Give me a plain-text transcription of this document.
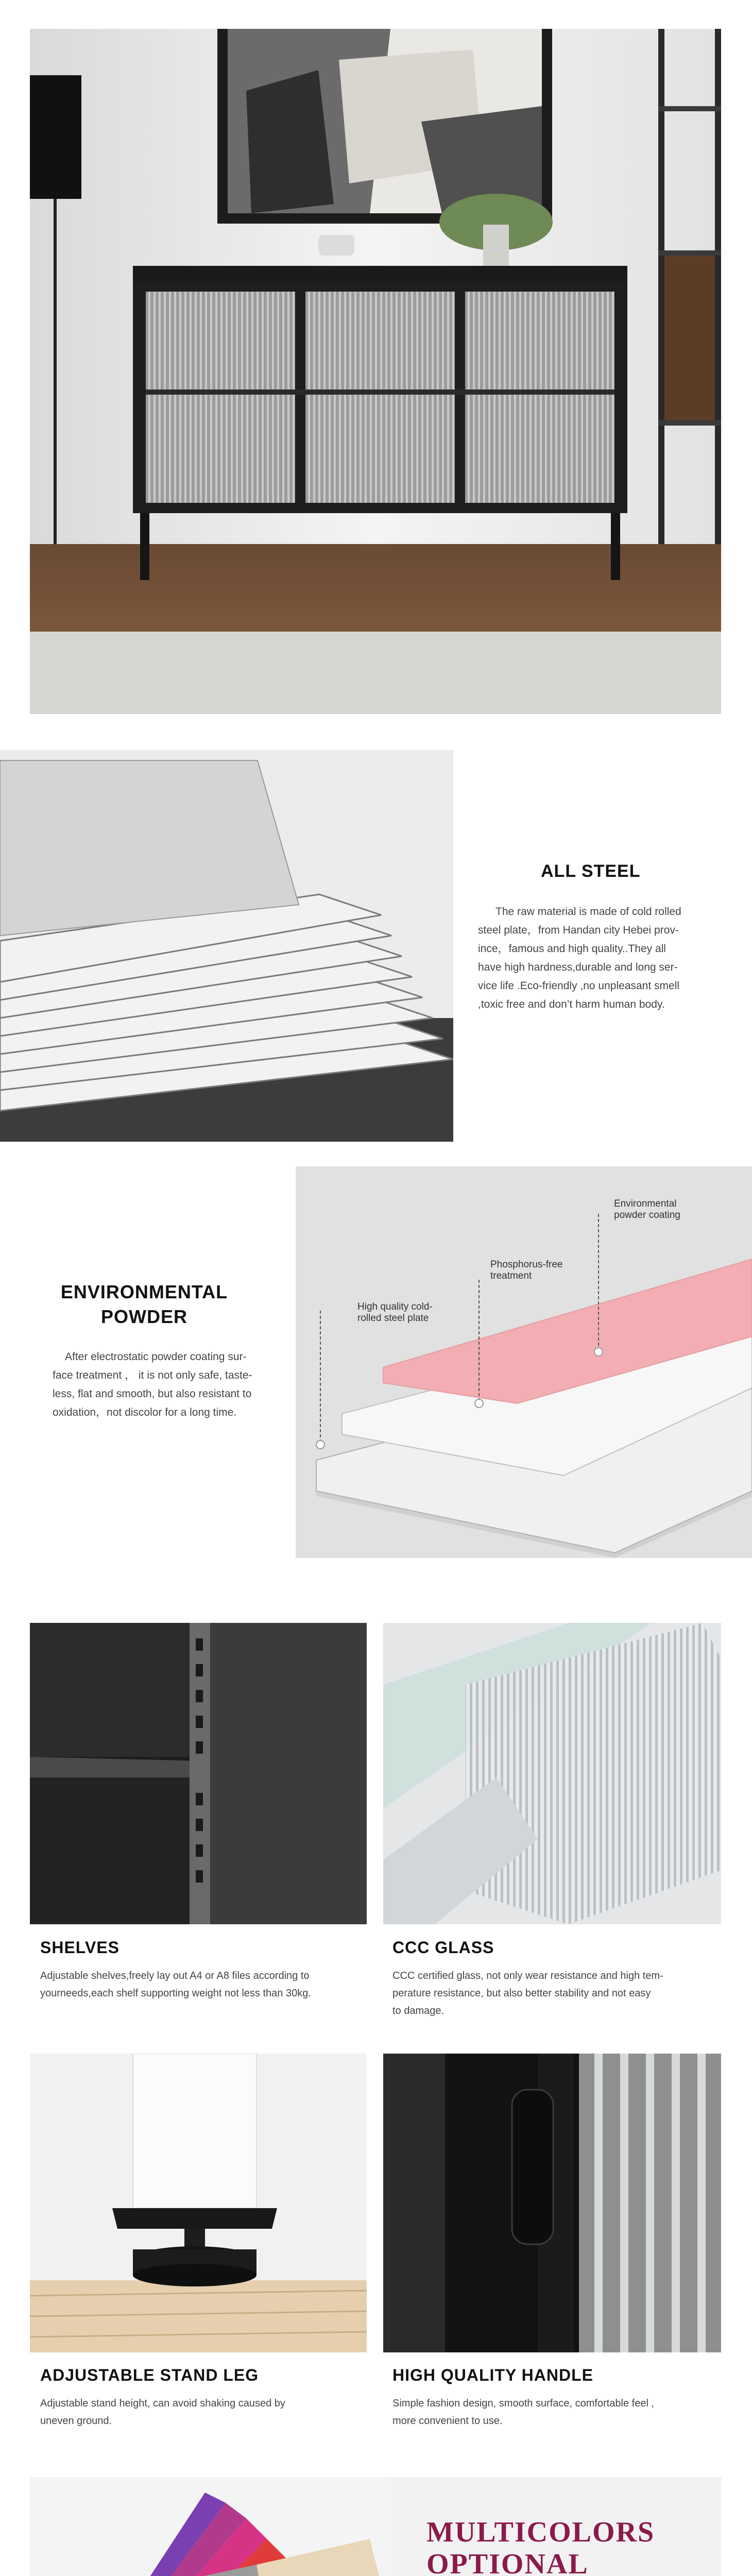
ALL STEEL
The raw material is made of cold rolled
steel plate，from Handan city Hebei prov-
ince，famous and high quality..They all
have high hardness,durable and long ser-
vice life .Eco-friendly ,no unpleasant smell
,toxic free and don’t harm human body.
ENVIRONMENTAL
POWDER
After electrostatic powder coating sur-
face treatment ， it is not only safe, taste-
less, flat and smooth, but also resistant to
oxidation，not discolor for a long time.
Environmental
powder coating
Phosphorus-free
treatment
High quality cold-
rolled steel plate
SHELVES
Adjustable shelves,freely lay out A4 or A8 files according to
yourneeds,each shelf supporting weight not less than 30kg.
CCC GLASS
CCC certified glass, not only wear resistance and high tem-
perature resistance, but also better stability and not easy
to damage.
ADJUSTABLE STAND LEG
Adjustable stand height, can avoid shaking caused by
uneven ground.
HIGH QUALITY HANDLE
Simple fashion design, smooth surface, comfortable feel ,
more convenient to use.
MULTICOLORS
OPTIONAL
